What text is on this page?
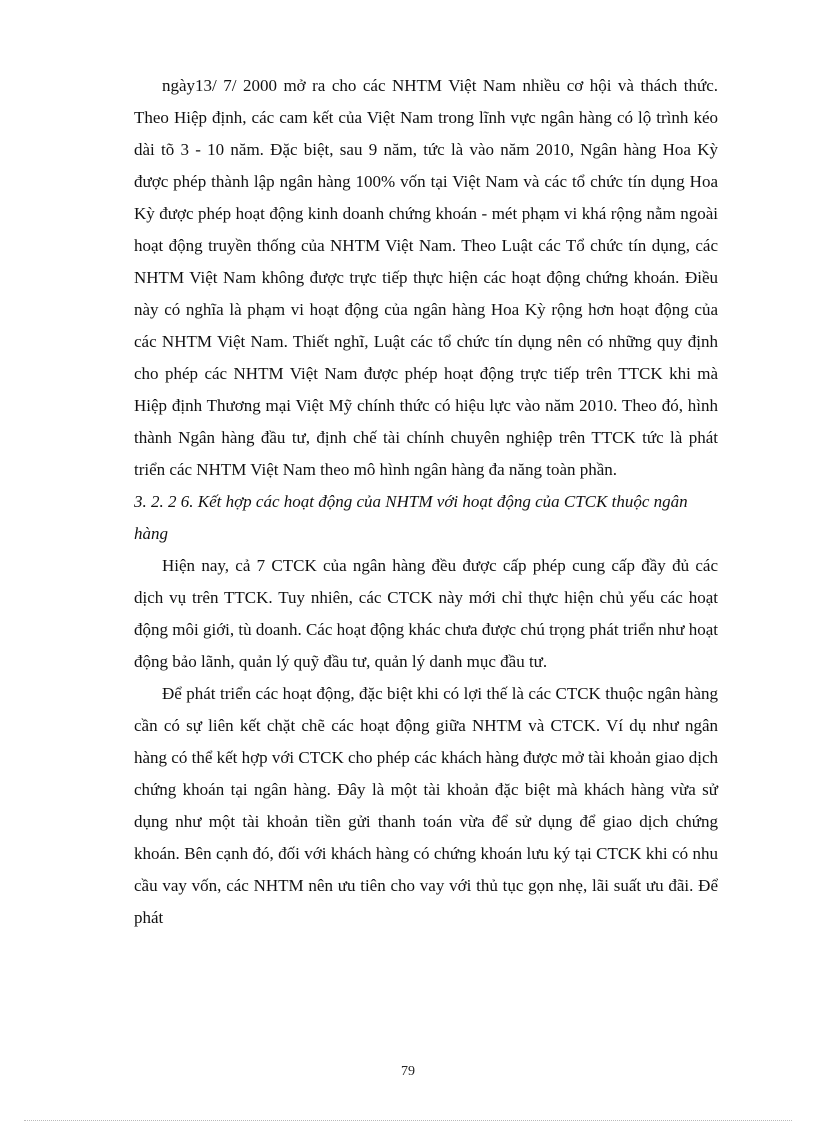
ngày13/ 7/ 2000 mở ra cho các NHTM Việt Nam nhiều cơ hội và thách thức. Theo Hiệp định, các cam kết của Việt Nam trong lĩnh vực ngân hàng có lộ trình kéo dài tõ 3 - 10 năm. Đặc biệt, sau 9 năm, tức là vào năm 2010, Ngân hàng Hoa Kỳ được phép thành lập ngân hàng 100% vốn tại Việt Nam và các tổ chức tín dụng Hoa Kỳ được phép hoạt động kinh doanh chứng khoán - mét phạm vi khá rộng nằm ngoài hoạt động truyền thống của NHTM Việt Nam. Theo Luật các Tổ chức tín dụng, các NHTM Việt Nam không được trực tiếp thực hiện các hoạt động chứng khoán. Điều này có nghĩa là phạm vi hoạt động của ngân hàng Hoa Kỳ rộng hơn hoạt động của các NHTM Việt Nam. Thiết nghĩ, Luật các tổ chức tín dụng nên có những quy định cho phép các NHTM Việt Nam được phép hoạt động trực tiếp trên TTCK khi mà Hiệp định Thương mại Việt Mỹ chính thức có hiệu lực vào năm 2010. Theo đó, hình thành Ngân hàng đầu tư, định chế tài chính chuyên nghiệp trên TTCK tức là phát triển các NHTM Việt Nam theo mô hình ngân hàng đa năng toàn phần.

3. 2. 2 6. Kết hợp các hoạt động của NHTM với hoạt động của CTCK thuộc ngân hàng

Hiện nay, cả 7 CTCK của ngân hàng đều được cấp phép cung cấp đầy đủ các dịch vụ trên TTCK. Tuy nhiên, các CTCK này mới chỉ thực hiện chủ yếu các hoạt động môi giới, tù doanh. Các hoạt động khác chưa được chú trọng phát triển như hoạt động bảo lãnh, quản lý quỹ đầu tư, quản lý danh mục đầu tư.

Để phát triển các hoạt động, đặc biệt khi có lợi thế là các CTCK thuộc ngân hàng cần có sự liên kết chặt chẽ các hoạt động giữa NHTM và CTCK. Ví dụ như ngân hàng có thể kết hợp với CTCK cho phép các khách hàng được mở tài khoản giao dịch chứng khoán tại ngân hàng. Đây là một tài khoản đặc biệt mà khách hàng vừa sử dụng như một tài khoản tiền gửi thanh toán vừa để sử dụng để giao dịch chứng khoán. Bên cạnh đó, đối với khách hàng có chứng khoán lưu ký tại CTCK khi có nhu cầu vay vốn, các NHTM nên ưu tiên cho vay với thủ tục gọn nhẹ, lãi suất ưu đãi. Để phát

79
